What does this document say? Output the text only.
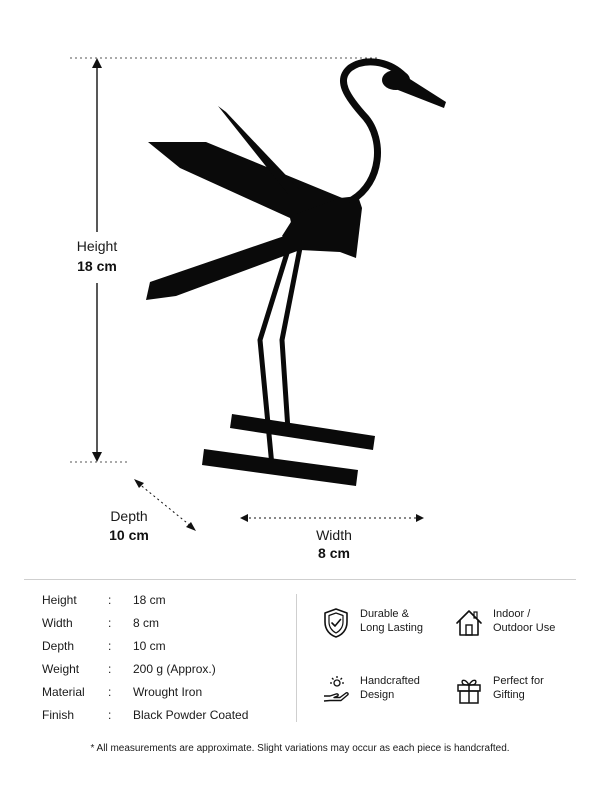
Height
18 cm
Depth
10 cm	Width
8 cm
Height	: 18 cm
Width	: 8 cm
Depth	: 10 cm
Weight : 200 g (Approx.)
Material : Wrought Iron
Finish	: Black Powder Coated
Durable &
Long Lasting
Indoor /
Outdoor Use
Handcrafted
Design
Perfect for
Gifting
* All measurements are approximate. Slight variations may occur as each piece is handcrafted.
